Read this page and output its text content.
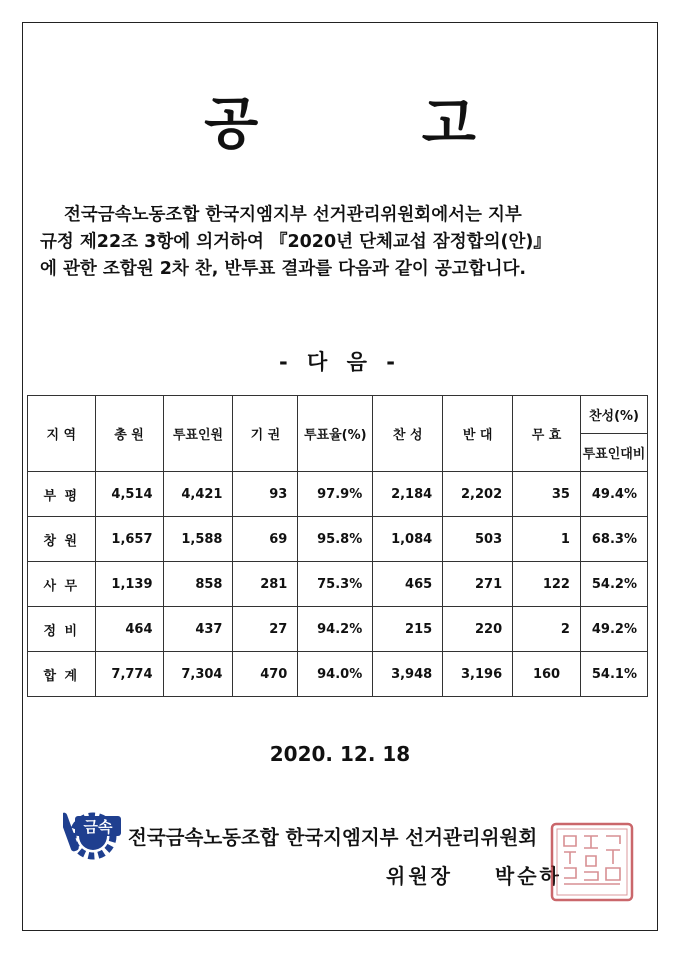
공 고
전국금속노동조합 한국지엠지부 선거관리위원회에서는 지부
규정 제22조 3항에 의거하여 『2020년 단체교섭 잠정합의(안)』
에 관한 조합원 2차 찬, 반투표 결과를 다음과 같이 공고합니다.
- 다 음 -
지 역	총 원	투표인원	기 권	투표율(%)	찬 성	반 대	무 효	찬성(%)
								투표인대비
부 평	4,514	4,421	93	97.9%	2,184	2,202	35	49.4%
창 원	1,657	1,588	69	95.8%	1,084	503	1	68.3%
사 무	1,139	858	281	75.3%	465	271	122	54.2%
정 비	464	437	27	94.2%	215	220	2	49.2%
합 계	7,774	7,304	470	94.0%	3,948	3,196	160	54.1%
2020. 12. 18
금속 전국금속노동조합 한국지엠지부 선거관리위원회
위원장 박순하
